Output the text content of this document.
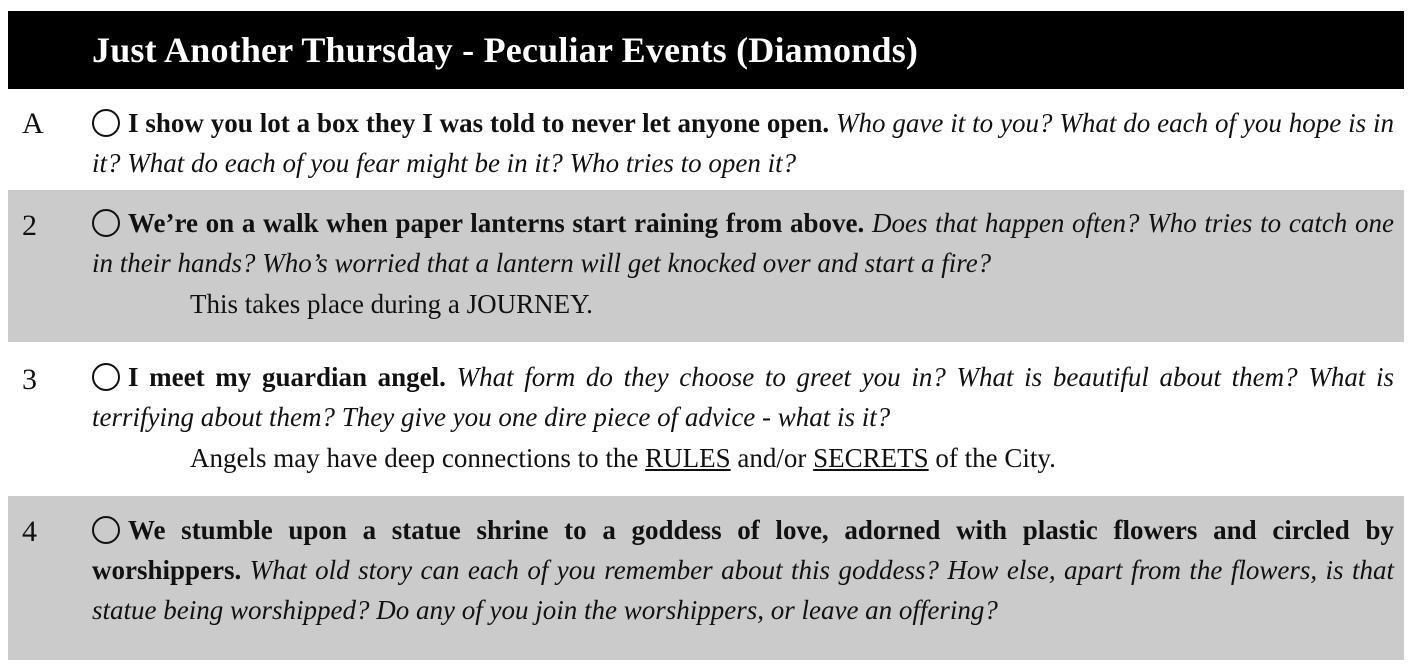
Just Another Thursday - Peculiar Events (Diamonds)
A	I show you lot a box they I was told to never let anyone open. Who gave it to you? What do each of you hope is in it? What do each of you fear might be in it? Who tries to open it?
2	We’re on a walk when paper lanterns start raining from above. Does that happen often? Who tries to catch one in their hands? Who’s worried that a lantern will get knocked over and start a fire?
This takes place during a JOURNEY.
3	I meet my guardian angel. What form do they choose to greet you in? What is beautiful about them? What is terrifying about them? They give you one dire piece of advice - what is it?
Angels may have deep connections to the RULES and/or SECRETS of the City.
4	We stumble upon a statue shrine to a goddess of love, adorned with plastic flowers and circled by worshippers. What old story can each of you remember about this goddess? How else, apart from the flowers, is that statue being worshipped? Do any of you join the worshippers, or leave an offering?
